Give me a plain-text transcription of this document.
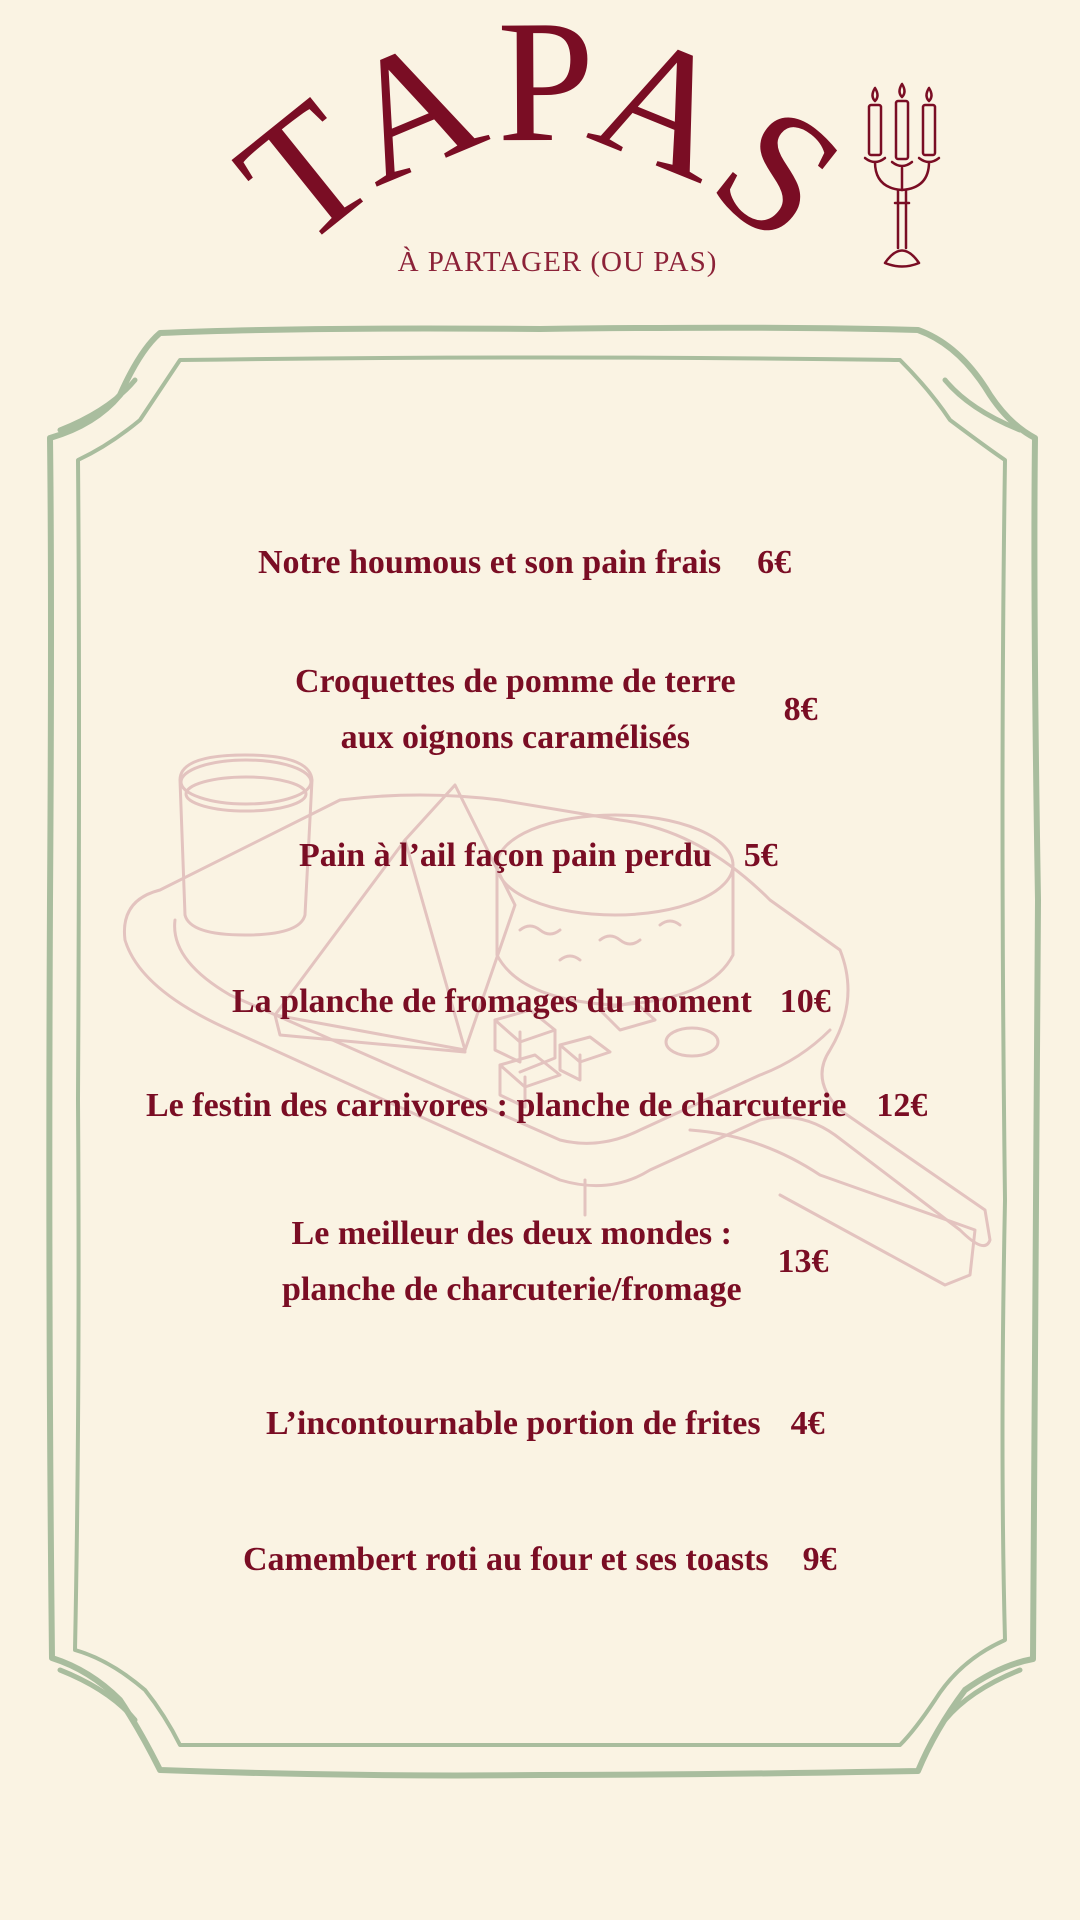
TAPAS
À PARTAGER (OU PAS)
Notre houmous et son pain frais 6€
Croquettes de pomme de terre
aux oignons caramélisés
8€
Pain à l’ail façon pain perdu 5€
La planche de fromages du moment 10€
Le festin des carnivores : planche de charcuterie 12€
Le meilleur des deux mondes :
planche de charcuterie/fromage
13€
L’incontournable portion de frites 4€
Camembert roti au four et ses toasts 9€
